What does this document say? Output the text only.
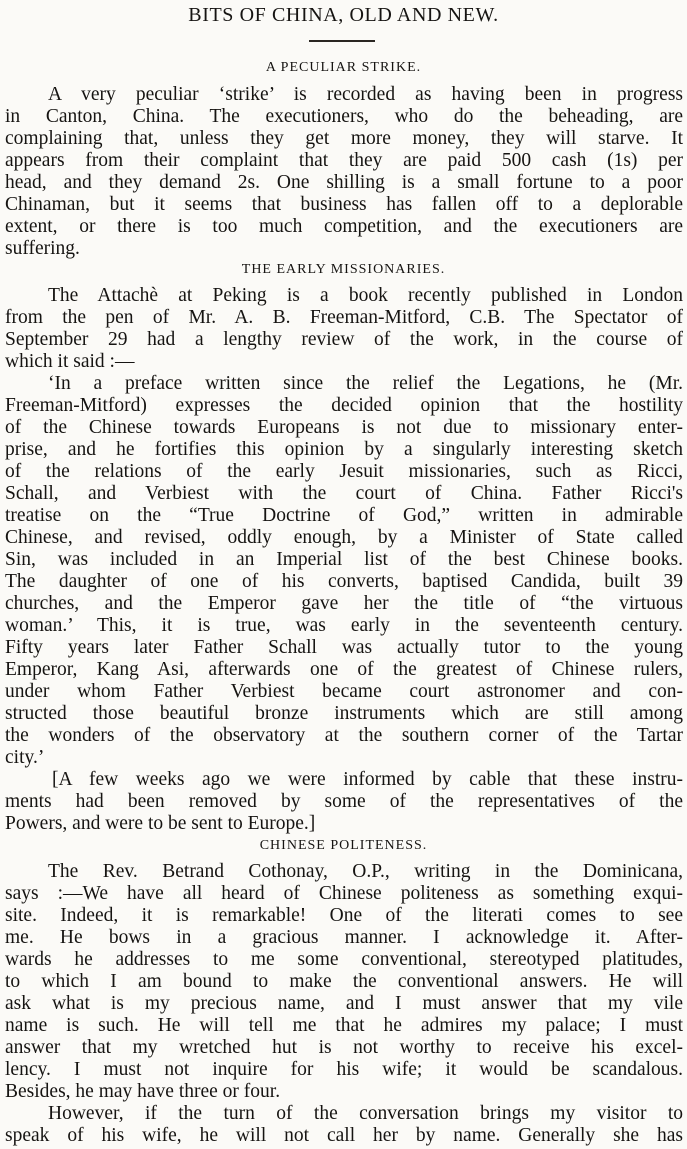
BITS OF CHINA, OLD AND NEW.
A PECULIAR STRIKE.

A very peculiar ‘strike’ is recorded as having been in progress

in Canton, China. The executioners, who do the beheading, are

complaining that, unless they get more money, they will starve. It

appears from their complaint that they are paid 500 cash (1s) per

head, and they demand 2s. One shilling is a small fortune to a poor

Chinaman, but it seems that business has fallen off to a deplorable

extent, or there is too much competition, and the executioners are

suffering.

THE EARLY MISSIONARIES.

The Attachè at Peking is a book recently published in London

from the pen of Mr. A. B. Freeman-Mitford, C.B. The Spectator of

September 29 had a lengthy review of the work, in the course of

which it said :—

‘In a preface written since the relief the Legations, he (Mr.

Freeman-Mitford) expresses the decided opinion that the hostility

of the Chinese towards Europeans is not due to missionary enter-

prise, and he fortifies this opinion by a singularly interesting sketch

of the relations of the early Jesuit missionaries, such as Ricci,

Schall, and Verbiest with the court of China. Father Ricci's

treatise on the “True Doctrine of God,” written in admirable

Chinese, and revised, oddly enough, by a Minister of State called

Sin, was included in an Imperial list of the best Chinese books.

The daughter of one of his converts, baptised Candida, built 39

churches, and the Emperor gave her the title of “the virtuous

woman.’ This, it is true, was early in the seventeenth century.

Fifty years later Father Schall was actually tutor to the young

Emperor, Kang Asi, afterwards one of the greatest of Chinese rulers,

under whom Father Verbiest became court astronomer and con-

structed those beautiful bronze instruments which are still among

the wonders of the observatory at the southern corner of the Tartar

city.’

[A few weeks ago we were informed by cable that these instru-

ments had been removed by some of the representatives of the

Powers, and were to be sent to Europe.]

CHINESE POLITENESS.

The Rev. Betrand Cothonay, O.P., writing in the Dominicana,

says :—We have all heard of Chinese politeness as something exqui-

site. Indeed, it is remarkable! One of the literati comes to see

me. He bows in a gracious manner. I acknowledge it. After-

wards he addresses to me some conventional, stereotyped platitudes,

to which I am bound to make the conventional answers. He will

ask what is my precious name, and I must answer that my vile

name is such. He will tell me that he admires my palace; I must

answer that my wretched hut is not worthy to receive his excel-

lency. I must not inquire for his wife; it would be scandalous.

Besides, he may have three or four.

However, if the turn of the conversation brings my visitor to

speak of his wife, he will not call her by name. Generally she has
